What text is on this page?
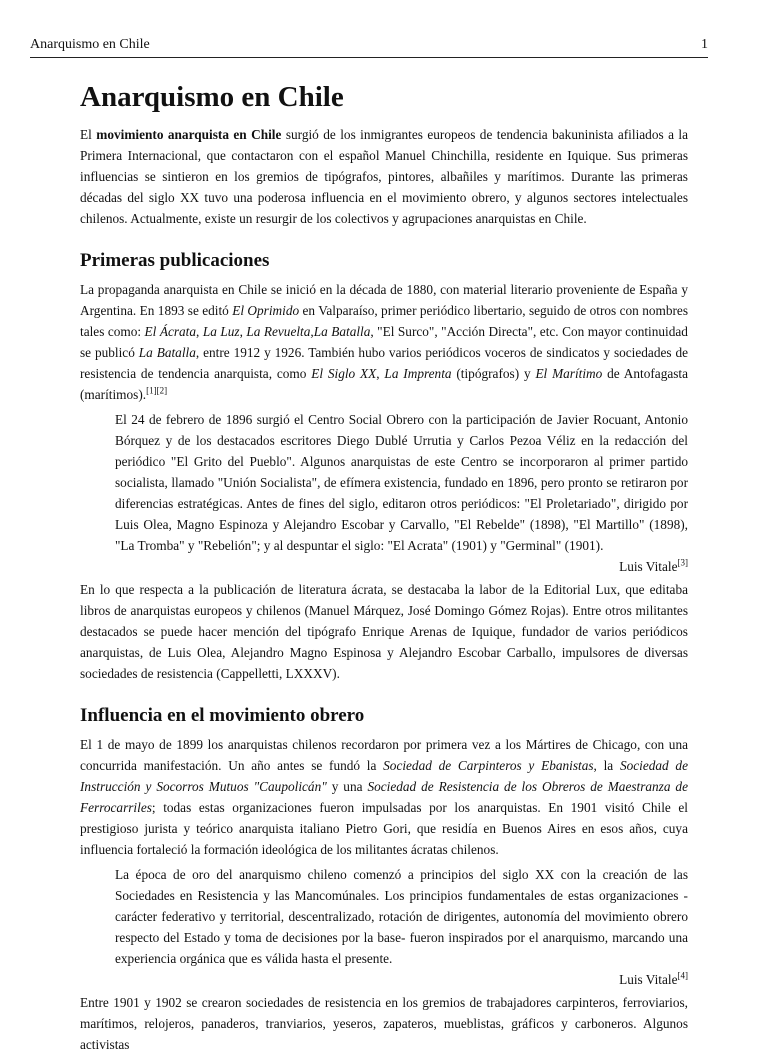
Anarquismo en Chile	1
Anarquismo en Chile

El movimiento anarquista en Chile surgió de los inmigrantes europeos de tendencia bakuninista afiliados a la Primera Internacional, que contactaron con el español Manuel Chinchilla, residente en Iquique. Sus primeras influencias se sintieron en los gremios de tipógrafos, pintores, albañiles y marítimos. Durante las primeras décadas del siglo XX tuvo una poderosa influencia en el movimiento obrero, y algunos sectores intelectuales chilenos. Actualmente, existe un resurgir de los colectivos y agrupaciones anarquistas en Chile.

Primeras publicaciones

La propaganda anarquista en Chile se inició en la década de 1880, con material literario proveniente de España y Argentina. En 1893 se editó El Oprimido en Valparaíso, primer periódico libertario, seguido de otros con nombres tales como: El Ácrata, La Luz, La Revuelta,La Batalla, "El Surco", "Acción Directa", etc. Con mayor continuidad se publicó La Batalla, entre 1912 y 1926. También hubo varios periódicos voceros de sindicatos y sociedades de resistencia de tendencia anarquista, como El Siglo XX, La Imprenta (tipógrafos) y El Marítimo de Antofagasta (marítimos).[1][2]

El 24 de febrero de 1896 surgió el Centro Social Obrero con la participación de Javier Rocuant, Antonio Bórquez y de los destacados escritores Diego Dublé Urrutia y Carlos Pezoa Véliz en la redacción del periódico "El Grito del Pueblo". Algunos anarquistas de este Centro se incorporaron al primer partido socialista, llamado "Unión Socialista", de efímera existencia, fundado en 1896, pero pronto se retiraron por diferencias estratégicas. Antes de fines del siglo, editaron otros periódicos: "El Proletariado", dirigido por Luis Olea, Magno Espinoza y Alejandro Escobar y Carvallo, "El Rebelde" (1898), "El Martillo" (1898), "La Tromba" y "Rebelión"; y al despuntar el siglo: "El Acrata" (1901) y "Germinal" (1901).

Luis Vitale[3]

En lo que respecta a la publicación de literatura ácrata, se destacaba la labor de la Editorial Lux, que editaba libros de anarquistas europeos y chilenos (Manuel Márquez, José Domingo Gómez Rojas). Entre otros militantes destacados se puede hacer mención del tipógrafo Enrique Arenas de Iquique, fundador de varios periódicos anarquistas, de Luis Olea, Alejandro Magno Espinosa y Alejandro Escobar Carballo, impulsores de diversas sociedades de resistencia (Cappelletti, LXXXV).

Influencia en el movimiento obrero

El 1 de mayo de 1899 los anarquistas chilenos recordaron por primera vez a los Mártires de Chicago, con una concurrida manifestación. Un año antes se fundó la Sociedad de Carpinteros y Ebanistas, la Sociedad de Instrucción y Socorros Mutuos "Caupolicán" y una Sociedad de Resistencia de los Obreros de Maestranza de Ferrocarriles; todas estas organizaciones fueron impulsadas por los anarquistas. En 1901 visitó Chile el prestigioso jurista y teórico anarquista italiano Pietro Gori, que residía en Buenos Aires en esos años, cuya influencia fortaleció la formación ideológica de los militantes ácratas chilenos.

La época de oro del anarquismo chileno comenzó a principios del siglo XX con la creación de las Sociedades en Resistencia y las Mancomúnales. Los principios fundamentales de estas organizaciones -carácter federativo y territorial, descentralizado, rotación de dirigentes, autonomía del movimiento obrero respecto del Estado y toma de decisiones por la base- fueron inspirados por el anarquismo, marcando una experiencia orgánica que es válida hasta el presente.

Luis Vitale[4]

Entre 1901 y 1902 se crearon sociedades de resistencia en los gremios de trabajadores carpinteros, ferroviarios, marítimos, relojeros, panaderos, tranviarios, yeseros, zapateros, mueblistas, gráficos y carboneros. Algunos activistas
